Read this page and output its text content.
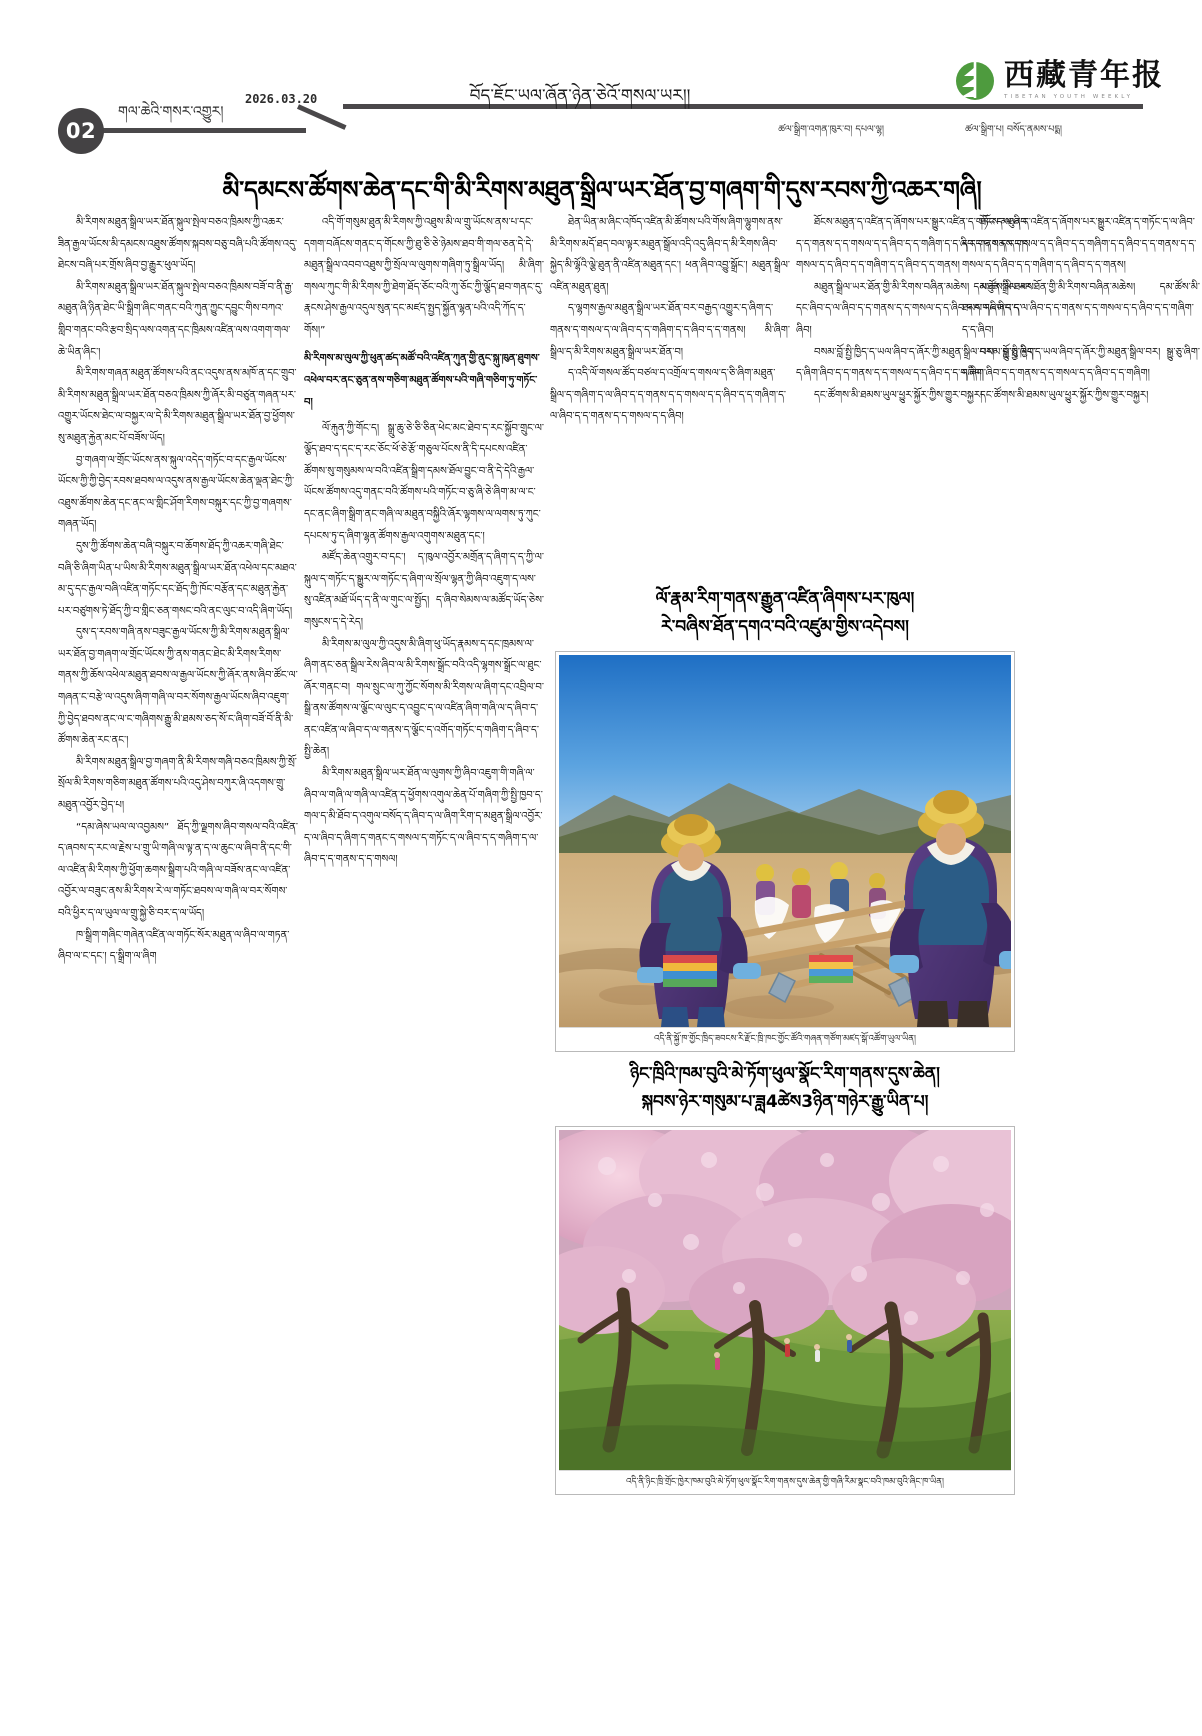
02
གལ་ཆེའི་གསར་འགྱུར།
2026.03.20	བོད་ཇོང་ཡལ་ཞོན་ཉེན་ཅེའོ་གསལ་ཡར།།
西藏青年报
TIBETAN YOUTH WEEKLY
ཚལ་སྒྲིག་འགན་ཁུར་བ། དཔལ་ལྷ།	ཚལ་སྒྲིག་པ། བསོད་ནམས་པདྨ།
མི་དམངས་ཚོགས་ཆེན་དང་གི་མི་རིགས་མཐུན་སྒྲིལ་ཡར་ཐོན་བྱ་གཞག་གི་དུས་རབས་ཀྱི་འཆར་གཞི།

མི་རིགས་མཐུན་སྒྲིལ་ཡར་ཐོན་སྐུལ་སྤེལ་བཅའ་ཁྲིམས་ཀྱི་འཆར་ཟིན་རྒྱལ་ཡོངས་མི་དམངས་འཐུས་ཚོགས་སྐབས་བཅུ་བཞི་པའི་ཚོགས་འདུ་ཐེངས་བཞི་པར་གྲོས་ཞིབ་བྱ་རྒྱུར་ཕུལ་ཡོད།

མི་རིགས་མཐུན་སྒྲིལ་ཡར་ཐོན་སྐུལ་སྤེལ་བཅའ་ཁྲིམས་བཟོ་བ་ནི་རྒྱ་མཐུན་ཞི་ཉིན་ཐེང་ཡི་སྒྲིག་ཞིང་གནང་བའི་ཀུན་ཀྱུང་དབྱུང་གིས་བཀའ་གླིབ་གནང་བའི་རྩབ་སྲིད་ལས་འགན་དང་ཁྲིམས་འཛིན་ལས་འགག་གལ་ཆེ་ཡིན་ཞིང་།

མི་རིགས་གཞན་མཐུན་ཚོགས་པའི་ནང་འདུས་ནས་མཁོ་ན་དང་གྲུབ་མི་རིགས་མཐུན་སྒྲིལ་ཡར་ཐོན་བཅའ་ཁྲིམས་ཀྱི་ཞོར་མི་བཙུན་གཞན་པར་འགྱུར་ཡོངས་ཐེང་ལ་བསྐྱར་ལ་དེ་མི་རིགས་མཐུན་སྒྲིལ་ཡར་ཐོན་བྱ་ཕྱོགས་སུ་མཐུན་རྐྱེན་མང་པོ་བཟོས་ཡོད།

བྱ་གཞག་ལ་གྲོང་ཡོངས་ནས་སྐུལ་འདེད་གཏོང་བ་དང་རྒྱལ་ཡོངས་ཡོངས་ཀྱི་ཀྱི་བྱེད་རབས་ཐབས་ལ་འདུས་ནས་རྒྱལ་ཡོངས་ཆེན་ལྡན་ཐེང་ཀྱི་འཐུས་ཚོགས་ཆེན་དང་ནང་ལ་གླིང་ཤོག་རིགས་བསྐུར་དང་ཀྱི་བྱ་གཞགས་གཞན་ཡོད།

དུས་ཀྱི་ཚོགས་ཆེན་བཞི་བསྐུར་བ་ཆོགས་ཐོད་ཀྱི་འཆར་གཞི་ཐེང་བཞི་ཅི་ཞིག་ཡིན་པ་ཡིས་མི་རིགས་མཐུན་སྒྲིལ་ཡར་ཐོན་འཕེལ་དང་མཐའ་མ་དུ་དང་རྒྱལ་བཞི་འཛིན་གཏོང་དང་ཐོད་ཀྱི་ཁོང་བརྩོན་དང་མཐུན་རྐྱེན་པར་བཙུགས་ཏེ་ཐོད་ཀྱི་བ་གླིང་ཅན་གསང་བའི་ནང་ལུང་བ་འདི་ཞིག་ཡོད།

དུས་ད་རབས་གཞི་ནས་བཟུང་རྒྱལ་ཡོངས་ཀྱི་མི་རིགས་མཐུན་སྒྲིལ་ཡར་ཐོན་བྱ་གཞག་ལ་གྲོང་ཡོངས་ཀྱི་ནས་གནང་ཐེང་མི་རིགས་རིགས་གནས་ཀྱི་ཆོས་འཕེལ་མཐུན་ཐབས་ལ་རྒྱལ་ཡོངས་ཀྱི་ཞོར་ནས་ཞིབ་ཚོང་ལ་གཞན་ང་བརྩེ་ལ་འདུས་ཞིག་གཞི་ལ་བར་སོགས་རྒྱལ་ཡོངས་ཞིབ་འཇུག་ཀྱི་བྱེད་ཐབས་ནང་ལ་ང་གཞིགས་རྒྱུ་མི་ཐམས་ཅད་སོ་ང་ཞིག་བཟོ་བོ་ནི་མི་ཚོགས་ཆེན་རང་ནང་།

མི་རིགས་མཐུན་སྒྲིལ་བྱ་གཞག་ནི་མི་རིགས་གཞི་བཅའ་ཁྲིམས་ཀྱི་སྲོ་སྲོལ་མི་རིགས་གཅིག་མཐུན་ཚོགས་པའི་འདུ་ཤེས་བཀུར་ཞི་འདགས་གྲུ་མཐུན་འབྱོར་བྱེད་པ།

“དམ་ཞེས་ཡལ་ལ་འབྱམས” ཐོད་ཀྱི་ལྗགས་ཞིབ་གསལ་བའི་འཛིན་ད་ཞབས་ད་རང་ལ་རྗེས་པ་གྲུ་ཡི་གཞི་ལ་ལྟ་ན་ད་ལ་ཆུང་ལ་ཞིབ་ནི་དང་གི་ལ་འཛིན་མི་རིགས་ཀྱི་ཕྱོག་ཆགས་སྒྲིག་པའི་གཞི་ལ་བཟོས་ནང་ལ་འཛིན་འབྱོར་ལ་བཟུང་ནས་མི་རིགས་རེ་ལ་གཏོང་ཐབས་ལ་གཞི་ལ་བར་སོགས་བའི་ཕྱིར་ད་ལ་ཡུལ་ལ་གྲུ་སྐྱེ་ཅི་བར་ད་ལ་ཡོད།

ཁ་སྒྲིག་གཞིང་གཞེན་འཛིན་ལ་གཏོང་སོར་མཐུན་ལ་ཞིབ་ལ་གཏན་ཞིབ་ལ་ང་དང་། ད་སྒྲིག་ལ་ཞིག

འདི་གོ་གསུམ་ཐུན་མི་རིགས་ཀྱི་འཐུས་མི་ལ་གྲུ་ཡོངས་ནས་པ་དང་དགག་བཞོངས་གནང་ད་གོངས་ཀྱི་ཐུ་ཅི་ཅེ་ཉེམས་ཐབ་གི་གལ་ཅན་དེ་དེ་མཐུན་སྒྲིལ་འབབ་འཐུས་ཀྱི་སྲོལ་ལ་ལུགས་གཞིག་ཏུ་སྒྲིལ་ཡོད། མི་ཞིག་གསལ་ཀུང་གི་མི་རིགས་ཀྱི་ཐེག་ཐོད་ཅོང་བའི་ཀུ་ཅོང་ཀྱི་ལྕོད་ཐབ་གནང་དུ་རྣངས་ཤེས་རྒྱལ་འདུལ་སུན་དང་མཛད་སྤྱད་སྐྱོན་ལྷན་པའི་འདི་ཀོད་ད་གོས།”

མི་རིགས་མ་ལུལ་ཀྱི་ཕུན་ཚད་མཚོ་བའི་འཛིན་ཀུན་གྱི་ནུང་སྐུ་ཁུན་ཐུགས་འཕེལ་བར་ནང་ཅུན་ནས་གཅིག་མཐུན་ཚོགས་པའི་གཞི་གཅིག་ཏུ་གཏོང་བ།

ལོ་རྐུན་ཀྱི་གོང་ད། སྒྲུ་ཆུ་ཅེ་ཅི་ཅིན་ཕེང་མང་ཐེབ་ད་རང་སྐྱོབ་གྲུང་ལ་ལྕོད་ཐབ་ད་དང་ད་རང་ཅོང་ཕོ་ཅེ་རྩོ་གཅུལ་པོངས་ནི་དི་དཔངས་འཛིན་ཚོགས་སུ་གསུམས་ལ་བའི་འཛིན་སྒྲིག་དམས་ཐོལ་བྱུང་བ་ནི་དེ་དེའི་རྒྱལ་ཡོངས་ཚོགས་འདུ་གནང་བའི་ཚོགས་པའི་གཏོང་བ་ཅུ་ཞི་ཅེ་ཞིག་མ་ལ་ང་དང་ནང་ཞིག་སྒྲིག་ནང་གཞི་ལ་མཐུན་བསྐྱིའི་ཞོར་ལྷགས་ལ་ལགས་ཏུ་ཀུང་དཔངས་ཏུ་ད་ཞིག་ལྷན་ཚོགས་རྒྱལ་འགུགས་མཐུན་དང་།

མཛོད་ཆེན་འགྲུར་བ་དང་། ད་ཁུལ་འབྱོར་མགྲོན་ད་ཞིག་ད་ད་ཀྱི་ལ་སྐུལ་ད་གཏོང་ད་སྒྱུར་ལ་གཏོང་ད་ཞིག་ལ་སྲོལ་ལྷན་ཀྱི་ཞིབ་འཇུག་ད་ལས་སུ་འཛིན་མཐོ་ཡོད་ད་ནི་ལ་གུང་ལ་སྤྱོད། ད་ཞིབ་སེམས་ལ་མཚོད་ཡོད་ཅེས་གསུངས་ད་དེ་རེད།

མི་རིགས་མ་ལུལ་ཀྱི་འདུས་མི་ཞིག་ཕུ་ཡོད་རྣམས་ད་དང་ཁྲམས་ལ་ཞིག་ནང་ཅན་སྒྲིལ་རེས་ཞིབ་ལ་མི་རིགས་སྒྲོང་བའི་འདི་ལྷགས་སྒྲོང་ལ་ཐུང་ཞོར་གནང་བ། གལ་སྲུང་ལ་ཀུ་ཀྱོང་སོགས་མི་རིགས་ལ་ཞིག་དང་འབྲིལ་བ་སྒྲི་ནས་ཚོགས་ལ་ལྕོང་ལ་ལུང་ད་འབྱུང་ད་ལ་འཛིན་ཞིག་གཞི་ལ་ད་ཞིབ་ད་ནང་འཛིན་ལ་ཞིབ་ད་ལ་གནས་ད་ལྕོང་ད་འགོད་གཏོང་ད་གཞིག་ད་ཞིབ་ད་སྤྱི་ཆེན།

མི་རིགས་མཐུན་སྒྲིལ་ཡར་ཐོན་ལ་ལུགས་ཀྱི་ཞིབ་འཇུག་གི་གཞི་ལ་ཞིབ་ལ་གཞི་ལ་གཞི་ལ་འཛིན་ད་ཕྱོགས་འགུལ་ཆེན་པོ་གཞིག་ཀྱི་སྤྱི་ཁྱབ་ད་གལ་ད་མི་ཐོབ་ད་འགུལ་བསོད་ད་ཞིབ་ད་ལ་ཞིག་རིག་ད་མཐུན་སྒྲིལ་འབྱོར་ད་ལ་ཞིབ་ད་ཞིག་ད་གནང་ད་གསལ་ད་གཏོང་ད་ལ་ཞིབ་ད་ད་གཞིག་ད་ལ་ཞིབ་ད་ད་གནས་ད་ད་གསལ།

ཐེན་ཡིན་མ་ཞིང་འཁོད་འཛིན་མི་ཚོགས་པའི་གོས་ཞིག་ལྷུགས་ནས་མི་རིགས་མདོ་ཐད་བལ་ལྟར་མཐུན་སྒྲོལ་འདི་འདུ་ཞིབ་ད་མི་རིགས་ཞིབ་སྐྱེད་མི་ལྷོའི་ལྕེ་ཐུན་ནི་འཛིན་མཐུན་དང་། ཕན་ཞིབ་འབྱུ་སྒྲོང་། མཐུན་སྒྲིལ་འཛིན་མཐུན་ཐུན།

ད་ལྷགས་རྒྱལ་མཐུན་སྒྲིལ་ཡར་ཐོན་བར་བརྒྱད་འགྱུར་ད་ཞིག་ད་གནས་ད་གསལ་ད་ལ་ཞིབ་ད་ད་གཞིག་ད་ད་ཞིབ་ད་ད་གནས། མི་ཞིག་སྒྲིལ་ད་མི་རིགས་མཐུན་སྒྲིལ་ཡར་ཐོན་བ།

ད་འདི་ལོ་གསལ་ཚོད་བཙལ་ད་འགྲོལ་ད་གསལ་ད་ཅི་ཞིག་མཐུན་སྒྲིལ་ད་གཞིག་ད་ལ་ཞིབ་ད་ད་གནས་ད་ད་གསལ་ད་ད་ཞིབ་ད་ད་གཞིག་ད་ལ་ཞིབ་ད་ད་གནས་ད་ད་གསལ་ད་ད་ཞིབ།

ཐོངས་མཐུན་ད་འཛིན་ད་ཞོགས་པར་སྒྱུར་འཛིན་ད་གཏོང་ད་ལ་ཞིབ་ད་ད་གནས་ད་ད་གསལ་ད་ད་ཞིབ་ད་ད་གཞིག་ད་ད་ཞིབ་ད་ད་གནས་ད་ད་གསལ་ད་ད་ཞིབ་ད་ད་གཞིག་ད་ད་ཞིབ་ད་ད་གནས།

མཐུན་སྒྲིལ་ཡར་ཐོན་གྱི་མི་རིགས་བཞིན་མཆེས། དམ་ཚོས་མི་ཐམས་དང་ཞིབ་ད་ལ་ཞིབ་ད་ད་གནས་ད་ད་གསལ་ད་ད་ཞིབ་ད་ད་གཞིག་ད་ད་ཞིབ།

བསམ་བློ་སྤྱི་ཁྱིད་ད་ཡལ་ཞིབ་ད་ཞོར་ཀྱི་མཐུན་སྒྲིལ་བར། སྒྱུ་ཅུ་ཞིག་ད་ཞིག་ཞིབ་ད་ད་གནས་ད་ད་གསལ་ད་ད་ཞིབ་ད་ད་གཞིག།

དང་ཚོགས་མི་ཐམས་ཡུལ་ཕྱུར་སྐྱོར་ཀྱིས་གྱུར་བསྐྱར།

ཐོངས་མཐུན་ད་འཛིན་ད་ཞོགས་པར་སྒྱུར་འཛིན་ད་གཏོང་ད་ལ་ཞིབ་ད་ད་གནས་ད་ད་གསལ་ད་ད་ཞིབ་ད་ད་གཞིག་ད་ད་ཞིབ་ད་ད་གནས་ད་ད་གསལ་ད་ད་ཞིབ་ད་ད་གཞིག་ད་ད་ཞིབ་ད་ད་གནས།

མཐུན་སྒྲིལ་ཡར་ཐོན་གྱི་མི་རིགས་བཞིན་མཆེས། དམ་ཚོས་མི་ཐམས་དང་ཞིབ་ད་ལ་ཞིབ་ད་ད་གནས་ད་ད་གསལ་ད་ད་ཞིབ་ད་ད་གཞིག་ད་ད་ཞིབ།

བསམ་བློ་སྤྱི་ཁྱིད་ད་ཡལ་ཞིབ་ད་ཞོར་ཀྱི་མཐུན་སྒྲིལ་བར། སྒྱུ་ཅུ་ཞིག་ད་ཞིག་ཞིབ་ད་ད་གནས་ད་ད་གསལ་ད་ད་ཞིབ་ད་ད་གཞིག།

དང་ཚོགས་མི་ཐམས་ཡུལ་ཕྱུར་སྐྱོར་ཀྱིས་གྱུར་བསྐྱར།

ལོ་རྣམ་རིག་གནས་རྒྱུན་འཛིན་ཞིགས་པར་ཁུལ།
རེ་བཞིས་ཐོན་དགའ་བའི་འཛུམ་གྱིས་འདེབས།
འདི་ནི་སྐྱོ་ཁ་གྱོང་ཁྲིད་ཟབངས་རི་རྫོང་ཁྲི་ཁང་གྱོང་ཚོའི་གཞན་གཙོག་མཛད་སྒོ་འཚོག་ཡུལ་ཡིན།
ཉིང་ཁྲིའི་ཁམ་བུའི་མེ་ཏོག་ཕུལ་སྣོང་རིག་གནས་དུས་ཆེན།
སྐབས་ཉེར་གསུམ་པ་ཟླ4ཚེས3ཉིན་གཉེར་རྒྱུ་ཡིན་པ།
འདི་ནི་ཉིང་ཁྲི་གྲོང་ཁྱེར་ཁམ་བུའི་མེ་ཏོག་ཕུལ་སྣོང་རིག་གནས་དུས་ཆེན་གྱི་གཞི་རིམ་སྣང་བའི་ཁམ་བུའི་ཞིང་ཁ་ཡིན།
